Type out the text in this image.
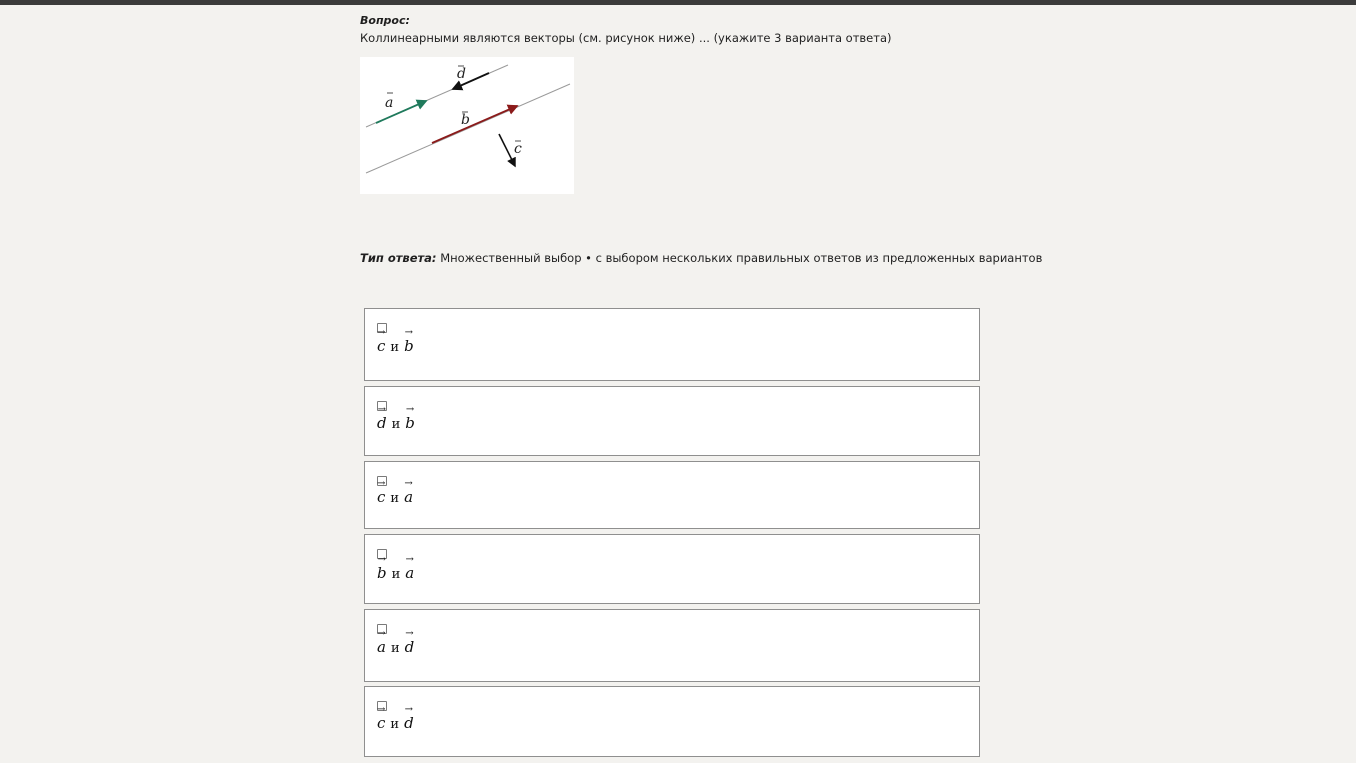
Вопрос:
Коллинеарными являются векторы (см. рисунок ниже) ... (укажите 3 варианта ответа)
a
d
b
c
Тип ответа: Множественный выбор • с выбором нескольких правильных ответов из предложенных вариантов
→ c и → b
→ d и → b
→ c и → a
→ b и → a
→ a и → d
→ c и → d
